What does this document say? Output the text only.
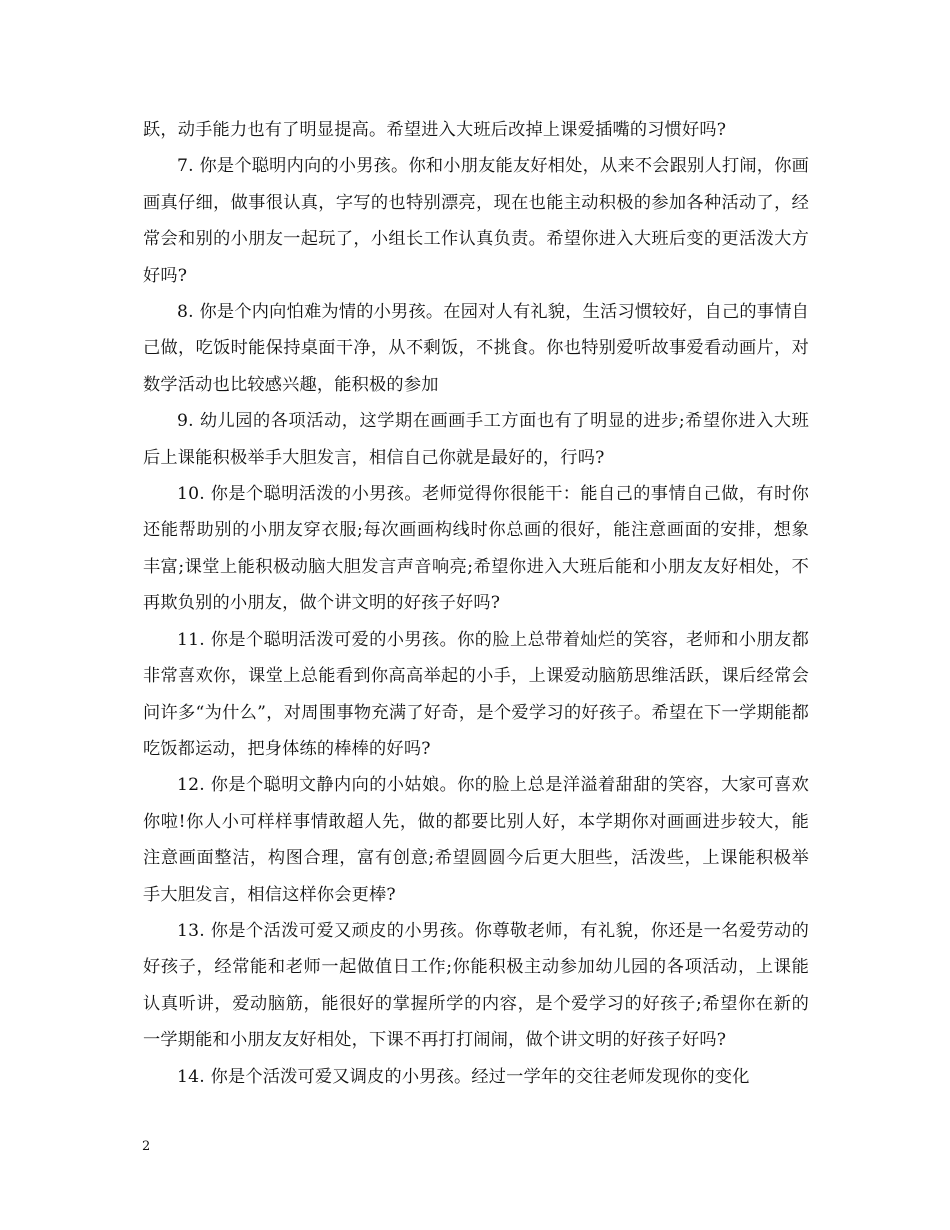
跃，动手能力也有了明显提高。希望进入大班后改掉上课爱插嘴的习惯好吗?

7. 你是个聪明内向的小男孩。你和小朋友能友好相处，从来不会跟别人打闹，你画画真仔细，做事很认真，字写的也特别漂亮，现在也能主动积极的参加各种活动了，经常会和别的小朋友一起玩了，小组长工作认真负责。希望你进入大班后变的更活泼大方好吗?

8. 你是个内向怕难为情的小男孩。在园对人有礼貌，生活习惯较好，自己的事情自己做，吃饭时能保持桌面干净，从不剩饭，不挑食。你也特别爱听故事爱看动画片，对数学活动也比较感兴趣，能积极的参加

9. 幼儿园的各项活动，这学期在画画手工方面也有了明显的进步;希望你进入大班后上课能积极举手大胆发言，相信自己你就是最好的，行吗?

10. 你是个聪明活泼的小男孩。老师觉得你很能干：能自己的事情自己做，有时你还能帮助别的小朋友穿衣服;每次画画构线时你总画的很好，能注意画面的安排，想象丰富;课堂上能积极动脑大胆发言声音响亮;希望你进入大班后能和小朋友友好相处，不再欺负别的小朋友，做个讲文明的好孩子好吗?

11. 你是个聪明活泼可爱的小男孩。你的脸上总带着灿烂的笑容，老师和小朋友都非常喜欢你，课堂上总能看到你高高举起的小手，上课爱动脑筋思维活跃，课后经常会问许多“为什么”，对周围事物充满了好奇，是个爱学习的好孩子。希望在下一学期能都吃饭都运动，把身体练的棒棒的好吗?

12. 你是个聪明文静内向的小姑娘。你的脸上总是洋溢着甜甜的笑容，大家可喜欢你啦!你人小可样样事情敢超人先，做的都要比别人好，本学期你对画画进步较大，能注意画面整洁，构图合理，富有创意;希望圆圆今后更大胆些，活泼些，上课能积极举手大胆发言，相信这样你会更棒?

13. 你是个活泼可爱又顽皮的小男孩。你尊敬老师，有礼貌，你还是一名爱劳动的好孩子，经常能和老师一起做值日工作;你能积极主动参加幼儿园的各项活动，上课能认真听讲，爱动脑筋，能很好的掌握所学的内容，是个爱学习的好孩子;希望你在新的一学期能和小朋友友好相处，下课不再打打闹闹，做个讲文明的好孩子好吗?

14. 你是个活泼可爱又调皮的小男孩。经过一学年的交往老师发现你的变化

2
